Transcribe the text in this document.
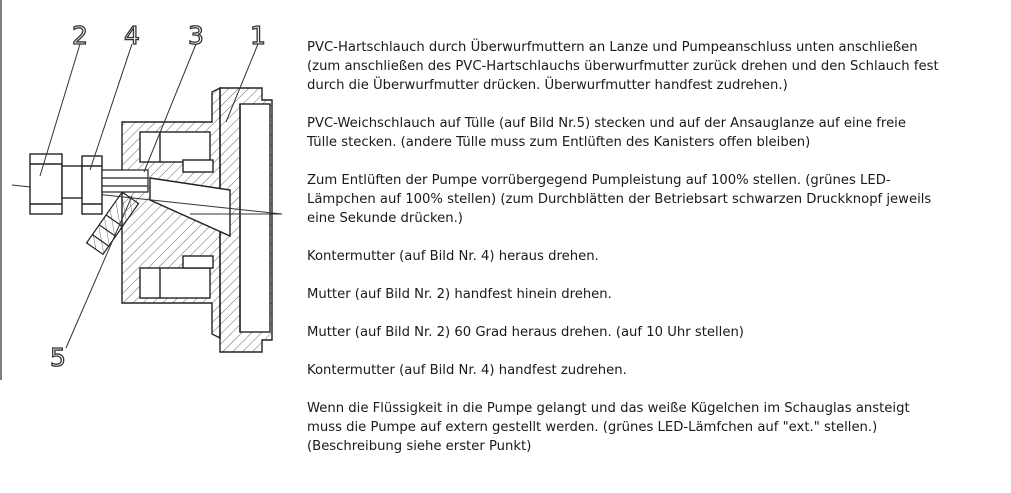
2 4 3 1
5

PVC-Hartschlauch durch Überwurfmuttern an Lanze und Pumpeanschluss unten anschließen
(zum anschließen des PVC-Hartschlauchs überwurfmutter zurück drehen und den Schlauch fest
durch die Überwurfmutter drücken. Überwurfmutter handfest zudrehen.)

PVC-Weichschlauch auf Tülle (auf Bild Nr.5) stecken und auf der Ansauglanze auf eine freie
Tülle stecken. (andere Tülle muss zum Entlüften des Kanisters offen bleiben)

Zum Entlüften der Pumpe vorrübergegend Pumpleistung auf 100% stellen. (grünes LED-
Lämpchen auf 100% stellen) (zum Durchblätten der Betriebsart schwarzen Druckknopf jeweils
eine Sekunde drücken.)

Kontermutter (auf Bild Nr. 4) heraus drehen.

Mutter (auf Bild Nr. 2) handfest hinein drehen.

Mutter (auf Bild Nr. 2) 60 Grad heraus drehen. (auf 10 Uhr stellen)

Kontermutter (auf Bild Nr. 4) handfest zudrehen.

Wenn die Flüssigkeit in die Pumpe gelangt und das weiße Kügelchen im Schauglas ansteigt
muss die Pumpe auf extern gestellt werden. (grünes LED-Lämfchen auf "ext." stellen.)
(Beschreibung siehe erster Punkt)
